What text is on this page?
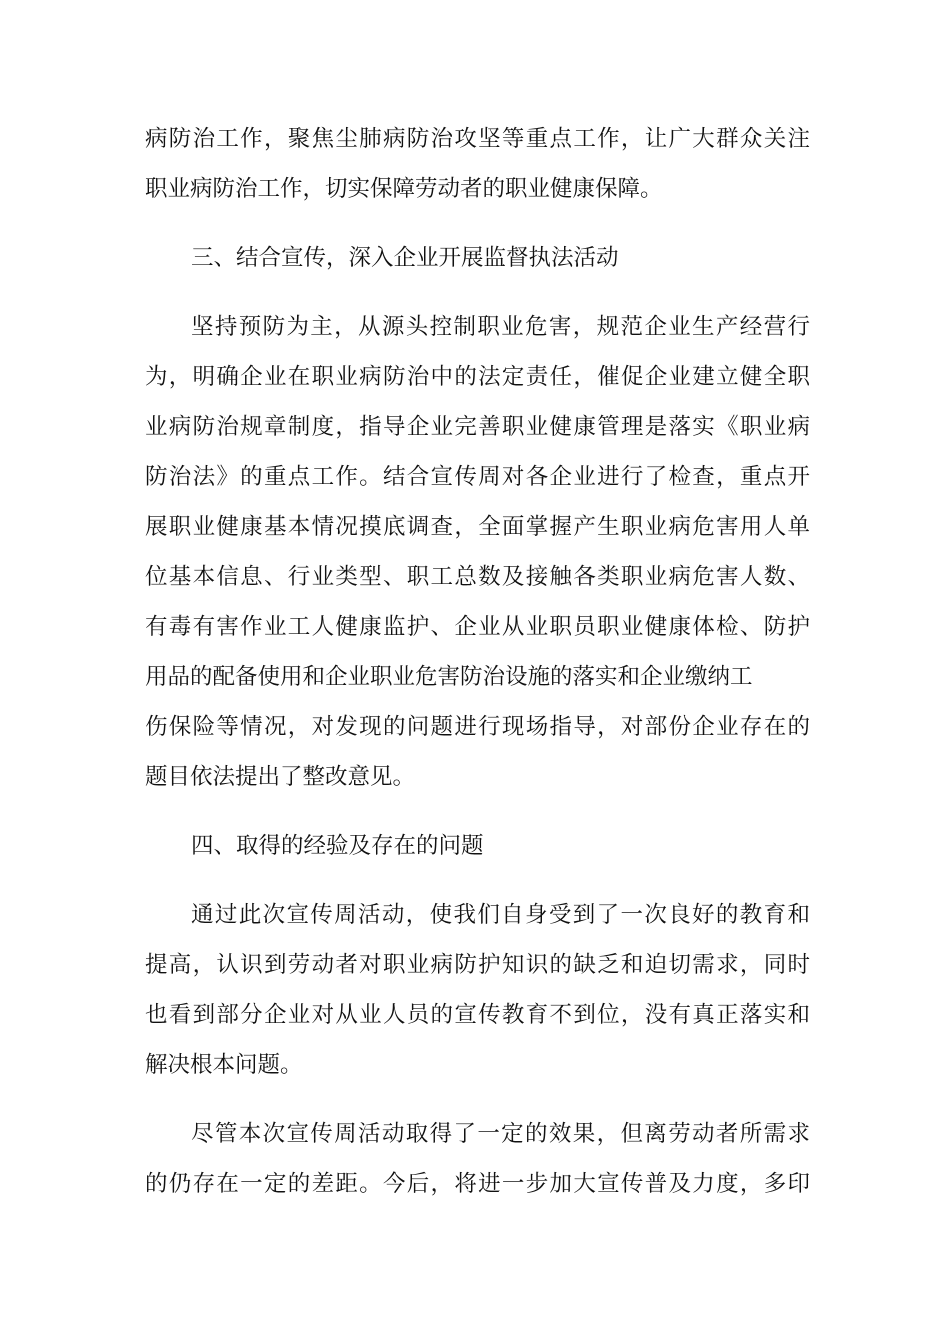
病防治工作，聚焦尘肺病防治攻坚等重点工作，让广大群众关注
职业病防治工作，切实保障劳动者的职业健康保障。
三、结合宣传，深入企业开展监督执法活动
坚持预防为主，从源头控制职业危害，规范企业生产经营行
为，明确企业在职业病防治中的法定责任，催促企业建立健全职
业病防治规章制度，指导企业完善职业健康管理是落实《职业病
防治法》的重点工作。结合宣传周对各企业进行了检查，重点开
展职业健康基本情况摸底调查，全面掌握产生职业病危害用人单
位基本信息、行业类型、职工总数及接触各类职业病危害人数、
有毒有害作业工人健康监护、企业从业职员职业健康体检、防护
用品的配备使用和企业职业危害防治设施的落实和企业缴纳工
伤保险等情况，对发现的问题进行现场指导，对部份企业存在的
题目依法提出了整改意见。
四、取得的经验及存在的问题
通过此次宣传周活动，使我们自身受到了一次良好的教育和
提高，认识到劳动者对职业病防护知识的缺乏和迫切需求，同时
也看到部分企业对从业人员的宣传教育不到位，没有真正落实和
解决根本问题。
尽管本次宣传周活动取得了一定的效果，但离劳动者所需求
的仍存在一定的差距。今后，将进一步加大宣传普及力度，多印
